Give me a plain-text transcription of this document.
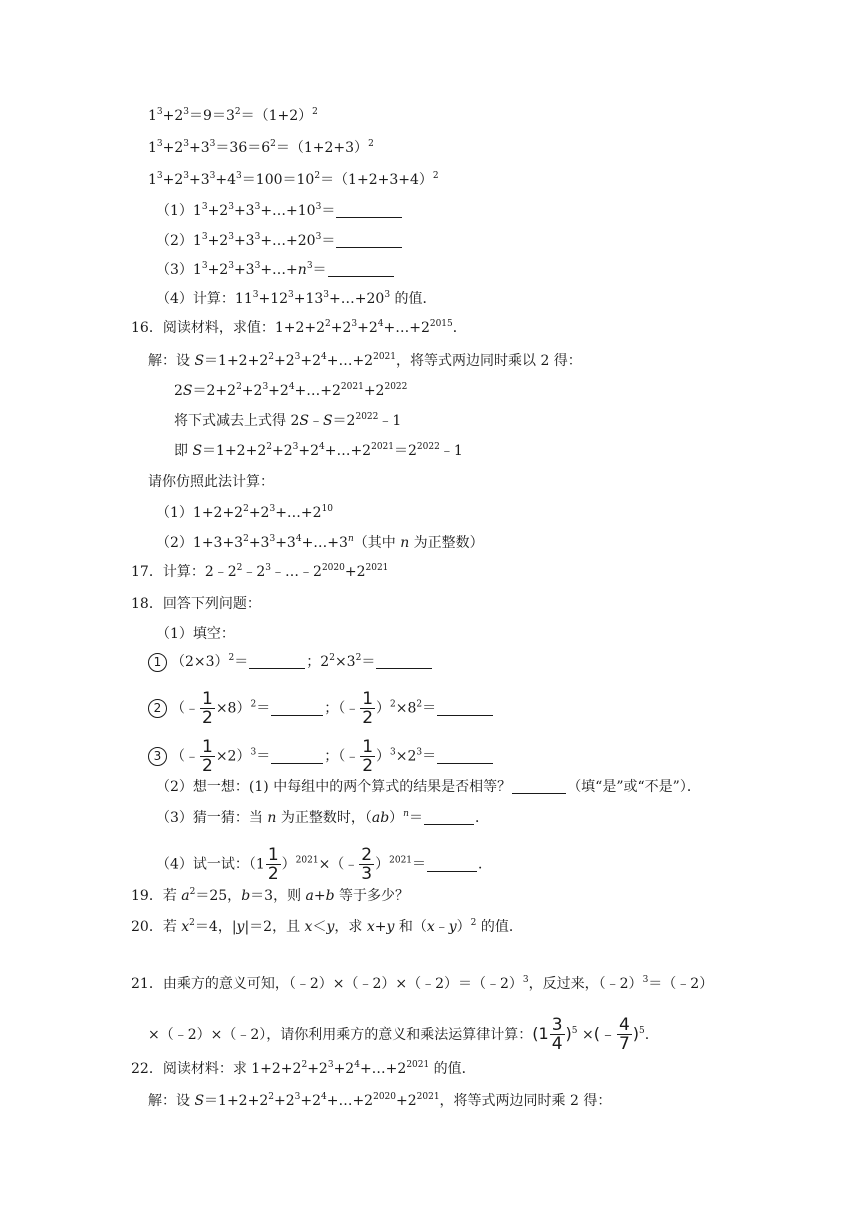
$1^3+2^3=9=3^2=(1+2)^2$
$1^3+2^3+3^3=36=6^2=(1+2+3)^2$
$1^3+2^3+3^3+4^3=100=10^2=(1+2+3+4)^2$
$(1)1^3+2^3+3^3+\dots+10^3=$
$(2)1^3+2^3+3^3+\dots+20^3=$
$(3)1^3+2^3+3^3+\dots+n^3=$
（4）计算：$11^3+12^3+13^3+\dots+20^3$ 的值．
16．阅读材料，求值：$1+2+2^2+2^3+2^4+\dots+2^{2015}$．
解：设 $S=1+2+2^2+2^3+2^4+\dots+2^{2021}$，将等式两边同时乘以 2 得：
$2S=2+2^2+2^3+2^4+\dots+2^{2021}+2^{2022}$
将下式减去上式得 $2S﹣S=2^{2022}﹣1$
即 $S=1+2+2^2+2^3+2^4+\dots+2^{2021}=2^{2022}﹣1$
请你仿照此法计算：
$(1)1+2+2^2+2^3+\dots+2^{10}$
$(2)1+3+3^2+3^3+3^4+\dots+3^n$（其中 n 为正整数）
17．计算：$2﹣2^2﹣2^3﹣\dots﹣2^{2020}+2^{2021}$
18．回答下列问题：
（1）填空：
1 $(2\times 3)^2=$	；$2^2\times 3^2=$
2 （﹣ $\frac{1}{2} \times 8)^2=$	；（﹣ $\frac{1}{2} )^2\times 8^2=$
3 （﹣ $\frac{1}{2} \times 2)^3=$	；（﹣ $\frac{1}{2} )^3\times 2^3=$
（2）想一想：(1) 中每组中的两个算式的结果是否相等？	（填“是”或“不是”）．
（3）猜一猜：当 n 为正整数时，（ab）$^n$＝	．
（4）试一试：（$1 \frac{1}{2}$ ）$^{2021}$×（﹣ $\frac{2}{3} )^{2021}=$	．
19．若 $a^2=25$，b＝3，则 a+b 等于多少？
20．若 $x^2=4$，|y|＝2，且 x＜y，求 x+y 和（x﹣y）$^2$ 的值．
21．由乘方的意义可知，（﹣2）×（﹣2）×（﹣2）＝（﹣2）$^3$，反过来，（﹣2）$^3$＝（﹣2）
×（﹣2）×（﹣2），请你利用乘方的意义和乘法运算律计算：$(1 \frac{3}{4} )^5$ ×(﹣ $\frac{4}{7} )^5$.
22．阅读材料：求 $1+2+2^2+2^3+2^4+\dots+2^{2021}$ 的值．
解：设 $S=1+2+2^2+2^3+2^4+\dots+2^{2020}+2^{2021}$，将等式两边同时乘 2 得：
